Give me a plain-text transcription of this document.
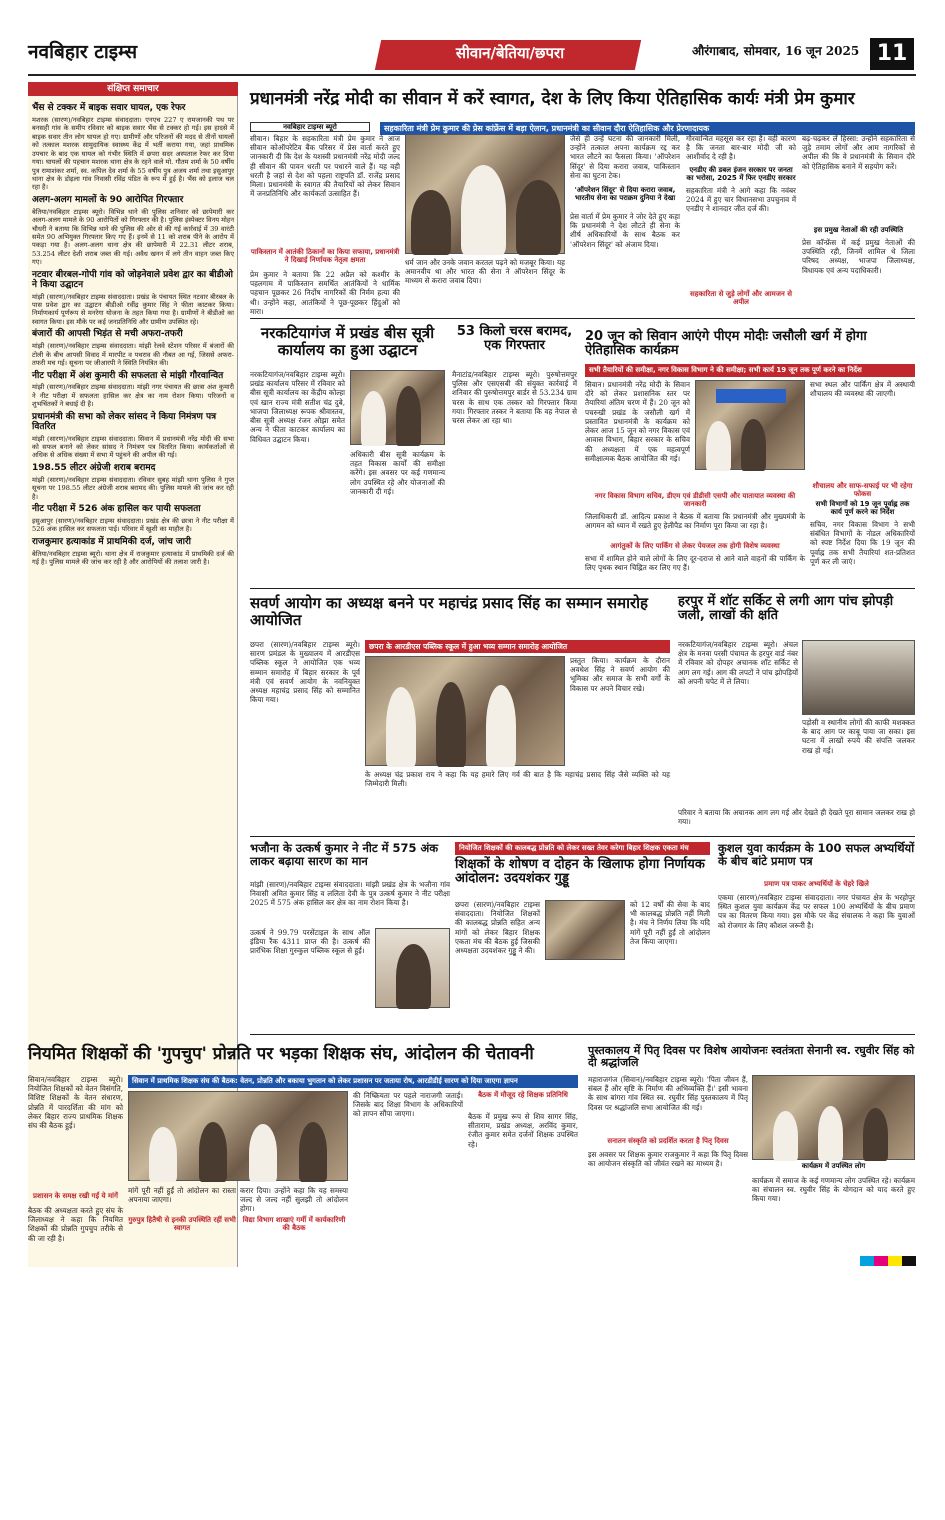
नवबिहार टाइम्स	सीवान/बेतिया/छपरा	औरंगाबाद, सोमवार, 16 जून 2025 11
संक्षिप्त समाचार
भैंस से टक्कर में बाइक सवार घायल, एक रेफर
मशरक (सारण)/नवबिहार टाइम्स संवाददाता। एनएच 227 ए रामजानकी पथ पर बनसही गांव के समीप रविवार को बाइक सवार भैंस से टक्कर हो गई। इस हादसे में बाइक सवार तीन लोग घायल हो गए। ग्रामीणों और परिजनों की मदद से तीनों घायलों को तत्काल मशरक सामुदायिक स्वास्थ्य केंद्र में भर्ती कराया गया, जहां प्राथमिक उपचार के बाद एक घायल को गंभीर स्थिति में छपरा सदर अस्पताल रेफर कर दिया गया। घायलों की पहचान मशरक थाना क्षेत्र के रहने वाले मो. गौतम शर्मा के 50 वर्षीय पुत्र रामाशंकर शर्मा, स्व. कपिल देव शर्मा के 55 वर्षीय पुत्र अजय शर्मा तथा इसुआपुर थाना क्षेत्र के डोढ़ला गांव निवासी रविंद्र पंडित के रूप में हुई है। भैंस को इलाज चल रहा है।
अलग-अलग मामलों के 90 आरोपित गिरफ्तार
बेतिया/नवबिहार टाइम्स ब्यूरो। विभिन्न थाने की पुलिस शनिवार को छापेमारी कर अलग-अलग मामले के 90 आरोपितों को गिरफ्तार की है। पुलिस इंस्पेक्टर विनय मोहन चौधरी ने बताया कि विभिन्न थाने की पुलिस की ओर से की गई कार्रवाई में 39 वारंटी समेत 90 अभियुक्त गिरफ्तार किए गए हैं। इनमें से 11 को शराब पीने के आरोप में पकड़ा गया है। अलग-अलग थाना क्षेत्र की छापेमारी में 22.31 लीटर शराब, 53.254 लीटर देशी शराब जब्त की गई। अवैध खनन में लगे तीन वाहन जब्त किए गए।
नटवार बीरबल-गोपी गांव को जोड़नेवाले प्रवेश द्वार का बीडीओ ने किया उद्घाटन
मांझी (सारण)/नवबिहार टाइम्स संवाददाता। प्रखंड के पंचायत स्थित नटवार बीरबल के पास प्रवेश द्वार का उद्घाटन बीडीओ रवींद्र कुमार सिंह ने फीता काटकर किया। निर्माणकार्य पूर्णरूप से मनरेगा योजना के तहत किया गया है। ग्रामीणों ने बीडीओ का स्वागत किया। इस मौके पर कई जनप्रतिनिधि और ग्रामीण उपस्थित रहे।
बंजारों की आपसी भिड़ंत से मची अफरा-तफरी
मांझी (सारण)/नवबिहार टाइम्स संवाददाता। मांझी रेलवे स्टेशन परिसर में बंजारों की टोली के बीच आपसी विवाद में मारपीट व पथराव की नौबत आ गई, जिससे अफरा-तफरी मच गई। सूचना पर जीआरपी ने स्थिति नियंत्रित की।
नीट परीक्षा में अंश कुमारी की सफलता से मांझी गौरवान्वित
मांझी (सारण)/नवबिहार टाइम्स संवाददाता। मांझी नगर पंचायत की छात्रा अंश कुमारी ने नीट परीक्षा में सफलता हासिल कर क्षेत्र का नाम रोशन किया। परिजनों व शुभचिंतकों ने बधाई दी है।
प्रधानमंत्री की सभा को लेकर सांसद ने किया निमंत्रण पत्र वितरित
मांझी (सारण)/नवबिहार टाइम्स संवाददाता। सिवान में प्रधानमंत्री नरेंद्र मोदी की सभा को सफल बनाने को लेकर सांसद ने निमंत्रण पत्र वितरित किया। कार्यकर्ताओं से अधिक से अधिक संख्या में सभा में पहुंचने की अपील की गई।
198.55 लीटर अंग्रेजी शराब बरामद
मांझी (सारण)/नवबिहार टाइम्स संवाददाता। रविवार सुबह मांझी थाना पुलिस ने गुप्त सूचना पर 198.55 लीटर अंग्रेजी शराब बरामद की। पुलिस मामले की जांच कर रही है।
नीट परीक्षा में 526 अंक हासिल कर पायी सफलता
इसुआपुर (सारण)/नवबिहार टाइम्स संवाददाता। प्रखंड क्षेत्र की छात्रा ने नीट परीक्षा में 526 अंक हासिल कर सफलता पाई। परिवार में खुशी का माहौल है।
राजकुमार हत्याकांड में प्राथमिकी दर्ज, जांच जारी
बेतिया/नवबिहार टाइम्स ब्यूरो। थाना क्षेत्र में राजकुमार हत्याकांड में प्राथमिकी दर्ज की गई है। पुलिस मामले की जांच कर रही है और आरोपियों की तलाश जारी है।
प्रधानमंत्री नरेंद्र मोदी का सीवान में करें स्वागत, देश के लिए किया ऐतिहासिक कार्यः मंत्री प्रेम कुमार
सहकारिता मंत्री प्रेम कुमार की प्रेस कांफ्रेंस में बड़ा ऐलान, प्रधानमंत्री का सीवान दौरा ऐतिहासिक और प्रेरणादायक
नवबिहार टाइम्स ब्यूरो
सीवान। बिहार के सहकारिता मंत्री प्रेम कुमार ने आज सीवान कोऑपरेटिव बैंक परिसर में प्रेस वार्ता करते हुए जानकारी दी कि देश के यशस्वी प्रधानमंत्री नरेंद्र मोदी जल्द ही सीवान की पावन धरती पर पधारने वाले हैं। यह वही धरती है जहां से देश को पहला राष्ट्रपति डॉ. राजेंद्र प्रसाद मिला। प्रधानमंत्री के स्वागत की तैयारियों को लेकर सिवान में जनप्रतिनिधि और कार्यकर्ता उत्साहित हैं।
पाकिस्तान में आतंकी ठिकानों का किया सफाया, प्रधानमंत्री ने दिखाई निर्णायक नेतृत्व क्षमता
प्रेम कुमार ने बताया कि 22 अप्रैल को कश्मीर के पहलगाम में पाकिस्तान समर्थित आतंकियों ने धार्मिक पहचान पूछकर 26 निर्दोष नागरिकों की निर्मम हत्या की थी। उन्होंने कहा, आतंकियों ने पूछ-पूछकर हिंदुओं को मारा।
धर्म जान और उनके जवान करतल पढ़ने को मजबूर किया। यह अमानवीय था और भारत की सेना ने ऑपरेशन सिंदूर के माध्यम से करारा जवाब दिया।
जैसे ही उन्हें घटना की जानकारी मिली, उन्होंने तत्काल अपना कार्यक्रम रद्द कर भारत लौटने का फैसला किया। 'ऑपरेशन सिंदूर' से दिया करारा जवाब, पाकिस्तान सेना का घुटना टेक।
'ऑपरेशन सिंदूर' से दिया करारा जवाब, भारतीय सेना का पराक्रम दुनिया ने देखा
प्रेस वार्ता में प्रेम कुमार ने जोर देते हुए कहा कि प्रधानमंत्री ने देश लौटते ही सेना के शीर्ष अधिकारियों के साथ बैठक कर 'ऑपरेशन सिंदूर' को अंजाम दिया।
गौरवान्वित महसूस कर रहा है। वही कारण है कि जनता बार-बार मोदी जी को आशीर्वाद दे रही है।
एनडीए की डबल इंजन सरकार पर जनता का भरोसा, 2025 में फिर एनडीए सरकार
सहकारिता मंत्री ने आगे कहा कि नवंबर 2024 में हुए चार विधानसभा उपचुनाव में एनडीए ने शानदार जीत दर्ज की।
सहकारिता से जुड़े लोगों और आमजन से अपील
बढ़-चढ़कर लें हिस्सा: उन्होंने सहकारिता से जुड़े तमाम लोगों और आम नागरिकों से अपील की कि वे प्रधानमंत्री के सिवान दौरे को ऐतिहासिक बनाने में सहयोग करें।
इस प्रमुख नेताओं की रही उपस्थिति
प्रेस कॉन्फ्रेंस में कई प्रमुख नेताओं की उपस्थिति रही, जिनमें शामिल थे जिला परिषद अध्यक्ष, भाजपा जिलाध्यक्ष, विधायक एवं अन्य पदाधिकारी।
नरकटियागंज में प्रखंड बीस सूत्री कार्यालय का हुआ उद्घाटन
नरकटियागंज/नवबिहार टाइम्स ब्यूरो। प्रखंड कार्यालय परिसर में रविवार को बीस सूत्री कार्यालय का केंद्रीय कोल्हा एवं खान राज्य मंत्री सतीश चंद्र दुबे, भाजपा जिलाध्यक्ष रूपक श्रीवास्तव, बीस सूत्री अध्यक्ष रंजन ओझा समेत अन्य ने फीता काटकर कार्यालय का विधिवत उद्घाटन किया।
अधिकारी बीस सूत्री कार्यक्रम के तहत विकास कार्यों की समीक्षा करेंगे। इस अवसर पर कई गणमान्य लोग उपस्थित रहे और योजनाओं की जानकारी दी गई।
53 किलो चरस बरामद, एक गिरफ्तार
मैनाटांड/नवबिहार टाइम्स ब्यूरो। पुरुषोत्तमपुर पुलिस और एसएसबी की संयुक्त कार्रवाई में शनिवार की पुरुषोत्तमपुर बार्डर से 53.234 ग्राम चरस के साथ एक तस्कर को गिरफ्तार किया गया। गिरफ्तार तस्कर ने बताया कि वह नेपाल से चरस लेकर आ रहा था।
20 जून को सिवान आएंगे पीएम मोदीः जसौली खर्ग में होगा ऐतिहासिक कार्यक्रम
सभी तैयारियों की समीक्षा, नगर विकास विभाग ने की समीक्षा; सभी कार्य 19 जून तक पूर्ण करने का निर्देश
सिवान। प्रधानमंत्री नरेंद्र मोदी के सिवान दौरे को लेकर प्रशासनिक स्तर पर तैयारियां अंतिम चरण में हैं। 20 जून को पचरुखी प्रखंड के जसौली खर्ग में प्रस्तावित प्रधानमंत्री के कार्यक्रम को लेकर आज 15 जून को नगर विकास एवं आवास विभाग, बिहार सरकार के सचिव की अध्यक्षता में एक महत्वपूर्ण समीक्षात्मक बैठक आयोजित की गई।
नगर विकास विभाग सचिव, डीएम एवं डीडीसी एसपी और यातायात व्यवस्था की जानकारी
जिलाधिकारी डॉ. आदित्य प्रकाश ने बैठक में बताया कि प्रधानमंत्री और मुख्यमंत्री के आगमन को ध्यान में रखते हुए हेलीपैड का निर्माण पूरा किया जा रहा है।
आगंतुकों के लिए पार्किंग से लेकर पेयजल तक होगी विशेष व्यवस्था
सभा में शामिल होने वाले लोगों के लिए दूर-दराज से आने वाले वाहनों की पार्किंग के लिए पृथक स्थान चिह्नित कर लिए गए हैं।
सभा स्थल और पार्किंग क्षेत्र में अस्थायी शौचालय की व्यवस्था की जाएगी।
शौचालय और साफ-सफाई पर भी रहेगा फोकस
सभी विभागों को 19 जून पूर्वाह्न तक कार्य पूर्ण करने का निर्देश
सचिव, नगर विकास विभाग ने सभी संबंधित विभागों के नोडल अधिकारियों को स्पष्ट निर्देश दिया कि 19 जून की पूर्वाह्न तक सभी तैयारियां शत-प्रतिशत पूर्ण कर ली जाएं।
सवर्ण आयोग का अध्यक्ष बनने पर महाचंद्र प्रसाद सिंह का सम्मान समारोह आयोजित
छपरा (सारण)/नवबिहार टाइम्स ब्यूरो। सारण प्रमंडल के मुख्यालय में आरडीएस पब्लिक स्कूल ने आयोजित एक भव्य सम्मान समारोह में बिहार सरकार के पूर्व मंत्री एवं सवर्ण आयोग के नवनियुक्त अध्यक्ष महाचंद्र प्रसाद सिंह को सम्मानित किया गया।
छपरा के आरडीएस पब्लिक स्कूल में हुआ भव्य सम्मान समारोह आयोजित
प्रस्तुत किया। कार्यक्रम के दौरान अवधेश सिंह ने सवर्ण आयोग की भूमिका और समाज के सभी वर्गों के विकास पर अपने विचार रखे।
के अध्यक्ष चंद्र प्रकाश राय ने कहा कि यह हमारे लिए गर्व की बात है कि महाचंद्र प्रसाद सिंह जैसे व्यक्ति को यह जिम्मेदारी मिली।
हरपुर में शॉट सर्किट से लगी आग पांच झोपड़ी जली, लाखों की क्षति
नरकटियागंज/नवबिहार टाइम्स ब्यूरो। अंचल क्षेत्र के मनवा परसी पंचायत के हरपुर वार्ड नंबर में रविवार को दोपहर अचानक शॉट सर्किट से आग लग गई। आग की लपटों ने पांच झोपड़ियों को अपनी चपेट में ले लिया।
पड़ोसी व स्थानीय लोगों की काफी मशक्कत के बाद आग पर काबू पाया जा सका। इस घटना में लाखों रुपये की संपत्ति जलकर राख हो गई।
परिवार ने बताया कि अचानक आग लग गई और देखते ही देखते पूरा सामान जलकर राख हो गया।
भजौना के उत्कर्ष कुमार ने नीट में 575 अंक लाकर बढ़ाया सारण का मान
मांझी (सारण)/नवबिहार टाइम्स संवाददाता। मांझी प्रखंड क्षेत्र के भजौना गांव निवासी अमित कुमार सिंह व ललिता देवी के पुत्र उत्कर्ष कुमार ने नीट परीक्षा 2025 में 575 अंक हासिल कर क्षेत्र का नाम रोशन किया है।
उत्कर्ष ने 99.79 परसेंटाइल के साथ ऑल इंडिया रैंक 4311 प्राप्त की है। उत्कर्ष की प्रारंभिक शिक्षा गुरुकुल पब्लिक स्कूल से हुई।
नियोजित शिक्षकों की कालबद्ध प्रोन्नति को लेकर सख्त तेवर करेगा बिहार शिक्षक एकता मंच
शिक्षकों के शोषण व दोहन के खिलाफ होगा निर्णायक आंदोलन: उदयशंकर गुड्डू
छपरा (सारण)/नवबिहार टाइम्स संवाददाता। नियोजित शिक्षकों की कालबद्ध प्रोन्नति सहित अन्य मांगों को लेकर बिहार शिक्षक एकता मंच की बैठक हुई जिसकी अध्यक्षता उदयशंकर गुड्डू ने की।
को 12 वर्षों की सेवा के बाद भी कालबद्ध प्रोन्नति नहीं मिली है। मंच ने निर्णय लिया कि यदि मांगें पूरी नहीं हुईं तो आंदोलन तेज किया जाएगा।
कुशल युवा कार्यक्रम के 100 सफल अभ्यर्थियों के बीच बांटे प्रमाण पत्र
प्रमाण पत्र पाकर अभ्यर्थियों के चेहरे खिले
एकमा (सारण)/नवबिहार टाइम्स संवाददाता। नगर पंचायत क्षेत्र के भरहोपुर स्थित कुशल युवा कार्यक्रम केंद्र पर सफल 100 अभ्यर्थियों के बीच प्रमाण पत्र का वितरण किया गया। इस मौके पर केंद्र संचालक ने कहा कि युवाओं को रोजगार के लिए कौशल जरूरी है।
नियमित शिक्षकों की 'गुपचुप' प्रोन्नति पर भड़का शिक्षक संघ, आंदोलन की चेतावनी
सिवान/नवबिहार टाइम्स ब्यूरो। नियोजित शिक्षकों को वेतन विसंगति, विशिष्ट शिक्षकों के वेतन संधारण, प्रोन्नति में पारदर्शिता की मांग को लेकर बिहार राज्य प्राथमिक शिक्षक संघ की बैठक हुई।
प्रशासन के समक्ष रखी गईं ये मांगें
बैठक की अध्यक्षता करते हुए संघ के जिलाध्यक्ष ने कहा कि नियमित शिक्षकों की प्रोन्नति गुपचुप तरीके से की जा रही है।
सिवान में प्राथमिक शिक्षक संघ की बैठक: वेतन, प्रोन्नति और बकाया भुगतान को लेकर प्रशासन पर जताया रोष, आरडीडीई सारण को दिया जाएगा ज्ञापन
मांगें पूरी नहीं हुईं तो आंदोलन का रास्ता अपनाया जाएगा।
गुरुपुत्र हितैषी से इनकी उपस्थिति रहीं सभी स्वागत
करार दिया। उन्होंने कहा कि यह समस्या जल्द से जल्द नहीं सुलझी तो आंदोलन होगा।
विद्या विभाग शाखाएं गर्मी में कार्यकारिणी की बैठक
की निष्क्रियता पर पहले नाराजगी जताई। जिसके बाद शिक्षा विभाग के अधिकारियों को ज्ञापन सौंपा जाएगा।
बैठक में मौजूद रहे शिक्षक प्रतिनिधि
बैठक में प्रमुख रूप से शिव सागर सिंह, सीताराम, प्रखंड अध्यक्ष, अरविंद कुमार, रंजीत कुमार समेत दर्जनों शिक्षक उपस्थित रहे।
पुस्तकालय में पितृ दिवस पर विशेष आयोजनः स्वतंत्रता सेनानी स्व. रघुवीर सिंह को दी श्रद्धांजलि
महाराजगंज (सिवान)/नवबिहार टाइम्स ब्यूरो। 'पिता जीवन हैं, संबल हैं और सृष्टि के निर्माण की अभिव्यक्ति हैं।' इसी भावना के साथ बांगरा गांव स्थित स्व. रघुवीर सिंह पुस्तकालय में पितृ दिवस पर श्रद्धांजलि सभा आयोजित की गई।
सनातन संस्कृति को प्रदर्शित करता है पितृ दिवस
इस अवसर पर शिक्षक कुमार राजकुमार ने कहा कि पितृ दिवस का आयोजन संस्कृति को जीवंत रखने का माध्यम है।	कार्यक्रम में उपस्थित लोग
कार्यक्रम में समाज के कई गणमान्य लोग उपस्थित रहे। कार्यक्रम का संचालन स्व. रघुवीर सिंह के योगदान को याद करते हुए किया गया।
